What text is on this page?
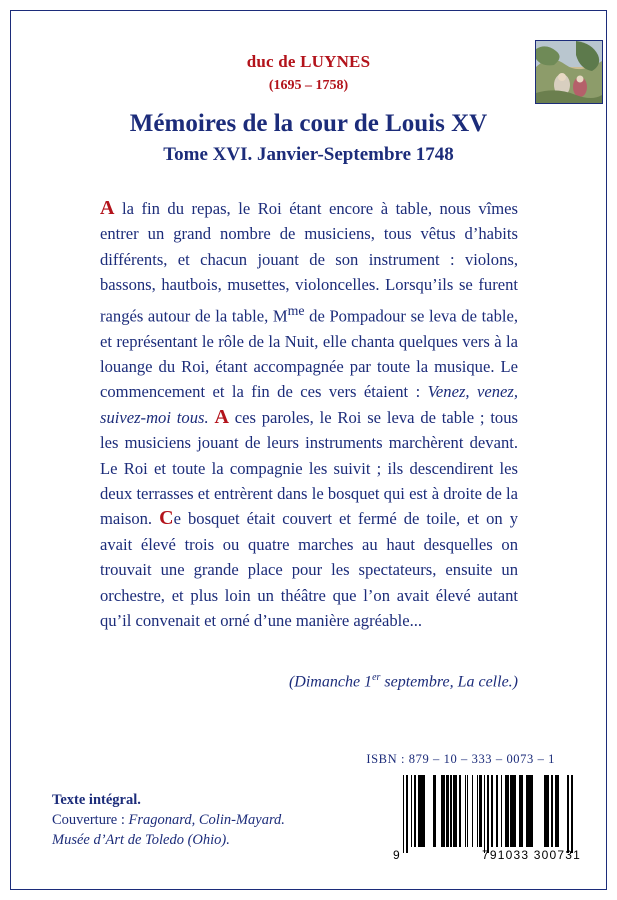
duc de LUYNES
(1695 – 1758)
Mémoires de la cour de Louis XV
Tome XVI. Janvier-Septembre 1748
A la fin du repas, le Roi étant encore à table, nous vîmes entrer un grand nombre de musiciens, tous vêtus d’habits différents, et chacun jouant de son instrument : violons, bassons, hautbois, musettes, violoncelles. Lorsqu’ils se furent rangés autour de la table, $M^{me}$ de Pompadour se leva de table, et représentant le rôle de la Nuit, elle chanta quelques vers à la louange du Roi, étant accompagnée par toute la musique. Le commencement et la fin de ces vers étaient : Venez, venez, suivez-moi tous. A ces paroles, le Roi se leva de table ; tous les musiciens jouant de leurs instruments marchèrent devant. Le Roi et toute la compagnie les suivit ; ils descendirent les deux terrasses et entrèrent dans le bosquet qui est à droite de la maison. Ce bosquet était couvert et fermé de toile, et on y avait élevé trois ou quatre marches au haut desquelles on trouvait une grande place pour les spectateurs, ensuite un orchestre, et plus loin un théâtre que l’on avait élevé autant qu’il convenait et orné d’une manière agréable...
(Dimanche 1er septembre, La celle.)
ISBN : 879 – 10 – 333 – 0073 – 1
Texte intégral.
Couverture : Fragonard, Colin-Mayard.
Musée d’Art de Toledo (Ohio).
9	791033 300731
